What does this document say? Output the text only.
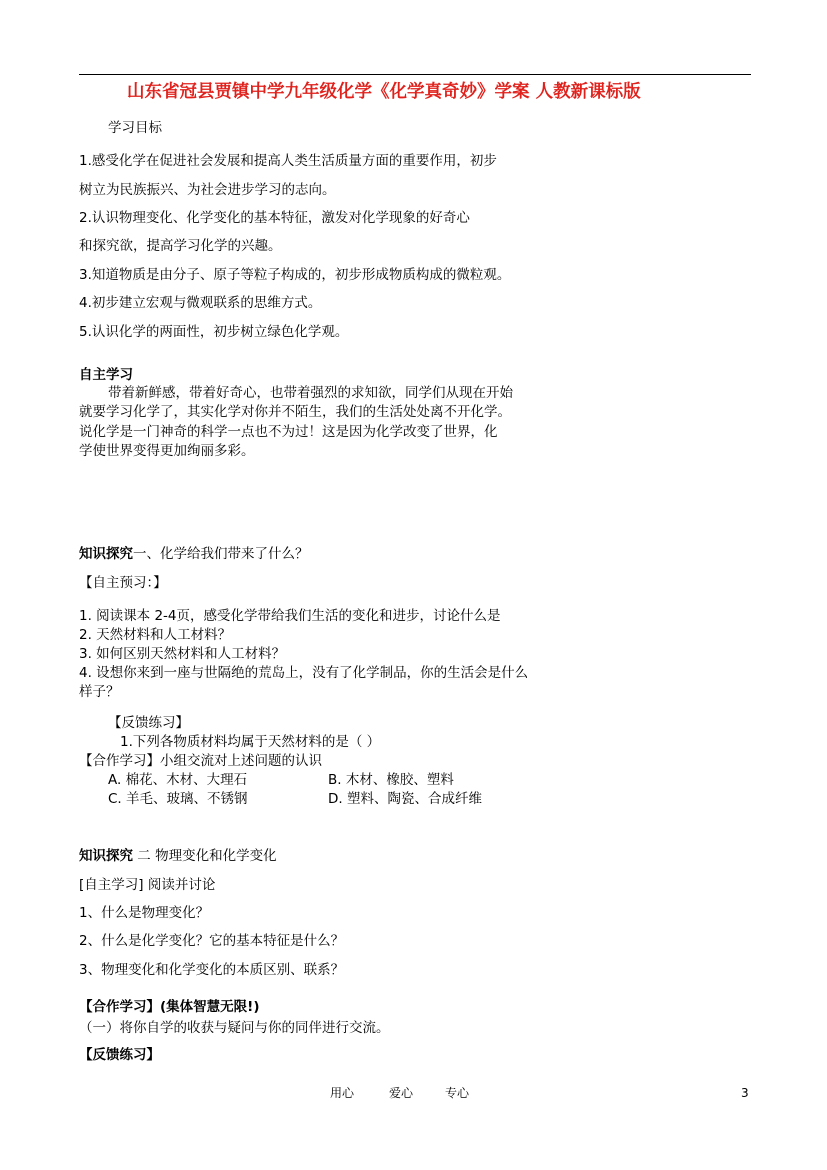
山东省冠县贾镇中学九年级化学《化学真奇妙》学案 人教新课标版
学习目标
1.感受化学在促进社会发展和提高人类生活质量方面的重要作用，初步
树立为民族振兴、为社会进步学习的志向。
2.认识物理变化、化学变化的基本特征，激发对化学现象的好奇心
和探究欲，提高学习化学的兴趣。
3.知道物质是由分子、原子等粒子构成的，初步形成物质构成的微粒观。
4.初步建立宏观与微观联系的思维方式。
5.认识化学的两面性，初步树立绿色化学观。
自主学习
带着新鲜感，带着好奇心，也带着强烈的求知欲，同学们从现在开始
就要学习化学了，其实化学对你并不陌生，我们的生活处处离不开化学。
说化学是一门神奇的科学一点也不为过！这是因为化学改变了世界，化
学使世界变得更加绚丽多彩。
知识探究一、化学给我们带来了什么？
【自主预习：】
1. 阅读课本 2-4页，感受化学带给我们生活的变化和进步，讨论什么是
2. 天然材料和人工材料？
3. 如何区别天然材料和人工材料？
4. 设想你来到一座与世隔绝的荒岛上，没有了化学制品，你的生活会是什么
样子？
【反馈练习】
1.下列各物质材料均属于天然材料的是（ ）
【合作学习】小组交流对上述问题的认识
A. 棉花、木材、大理石	B. 木材、橡胶、塑料
C. 羊毛、玻璃、不锈钢	D. 塑料、陶瓷、合成纤维
知识探究 二 物理变化和化学变化
[自主学习] 阅读并讨论
1、什么是物理变化？
2、什么是化学变化？它的基本特征是什么？
3、物理变化和化学变化的本质区别、联系？
【合作学习】(集体智慧无限!)
（一）将你自学的收获与疑问与你的同伴进行交流。
【反馈练习】
用心	爱心	专心	3
